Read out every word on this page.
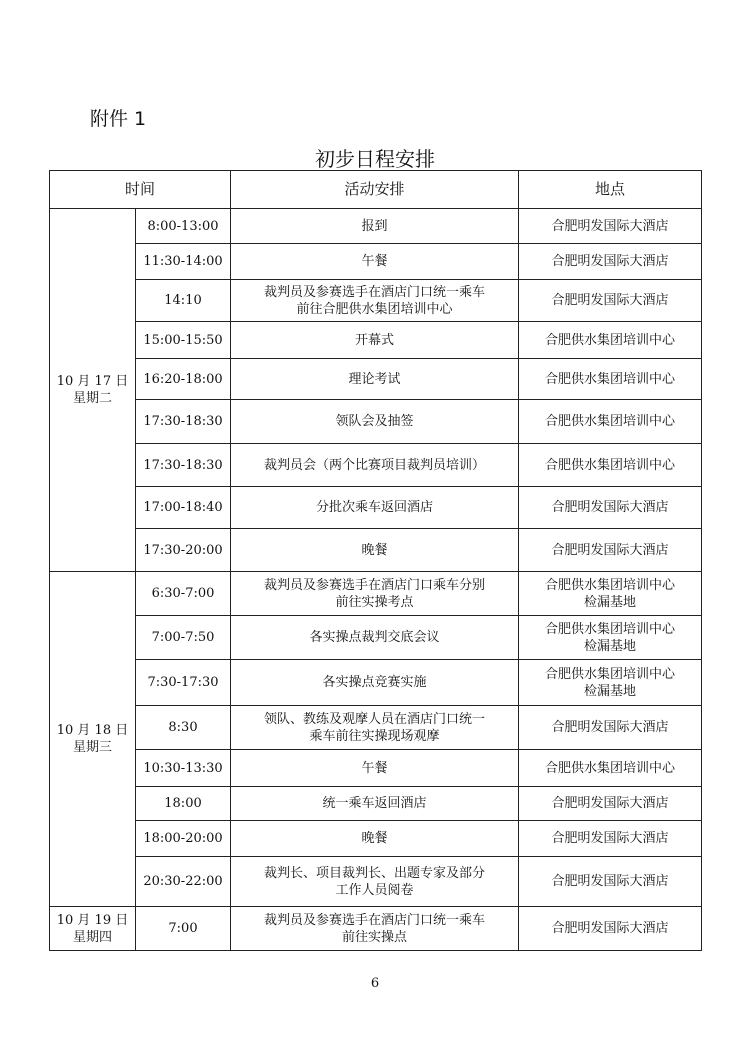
附件 1
初步日程安排
时间		活动安排	地点
10 月 17 日
星期二	8:00-13:00	报到	合肥明发国际大酒店
	11:30-14:00	午餐	合肥明发国际大酒店
	14:10	裁判员及参赛选手在酒店门口统一乘车
前往合肥供水集团培训中心	合肥明发国际大酒店
	15:00-15:50	开幕式	合肥供水集团培训中心
	16:20-18:00	理论考试	合肥供水集团培训中心
	17:30-18:30	领队会及抽签	合肥供水集团培训中心
	17:30-18:30	裁判员会（两个比赛项目裁判员培训）	合肥供水集团培训中心
	17:00-18:40	分批次乘车返回酒店	合肥明发国际大酒店
	17:30-20:00	晚餐	合肥明发国际大酒店
10 月 18 日
星期三	6:30-7:00	裁判员及参赛选手在酒店门口乘车分别
前往实操考点	合肥供水集团培训中心
检漏基地
	7:00-7:50	各实操点裁判交底会议	合肥供水集团培训中心
检漏基地
	7:30-17:30	各实操点竞赛实施	合肥供水集团培训中心
检漏基地
	8:30	领队、教练及观摩人员在酒店门口统一
乘车前往实操现场观摩	合肥明发国际大酒店
	10:30-13:30	午餐	合肥供水集团培训中心
	18:00	统一乘车返回酒店	合肥明发国际大酒店
	18:00-20:00	晚餐	合肥明发国际大酒店
	20:30-22:00	裁判长、项目裁判长、出题专家及部分
工作人员阅卷	合肥明发国际大酒店
10 月 19 日
星期四	7:00	裁判员及参赛选手在酒店门口统一乘车
前往实操点	合肥明发国际大酒店
6
